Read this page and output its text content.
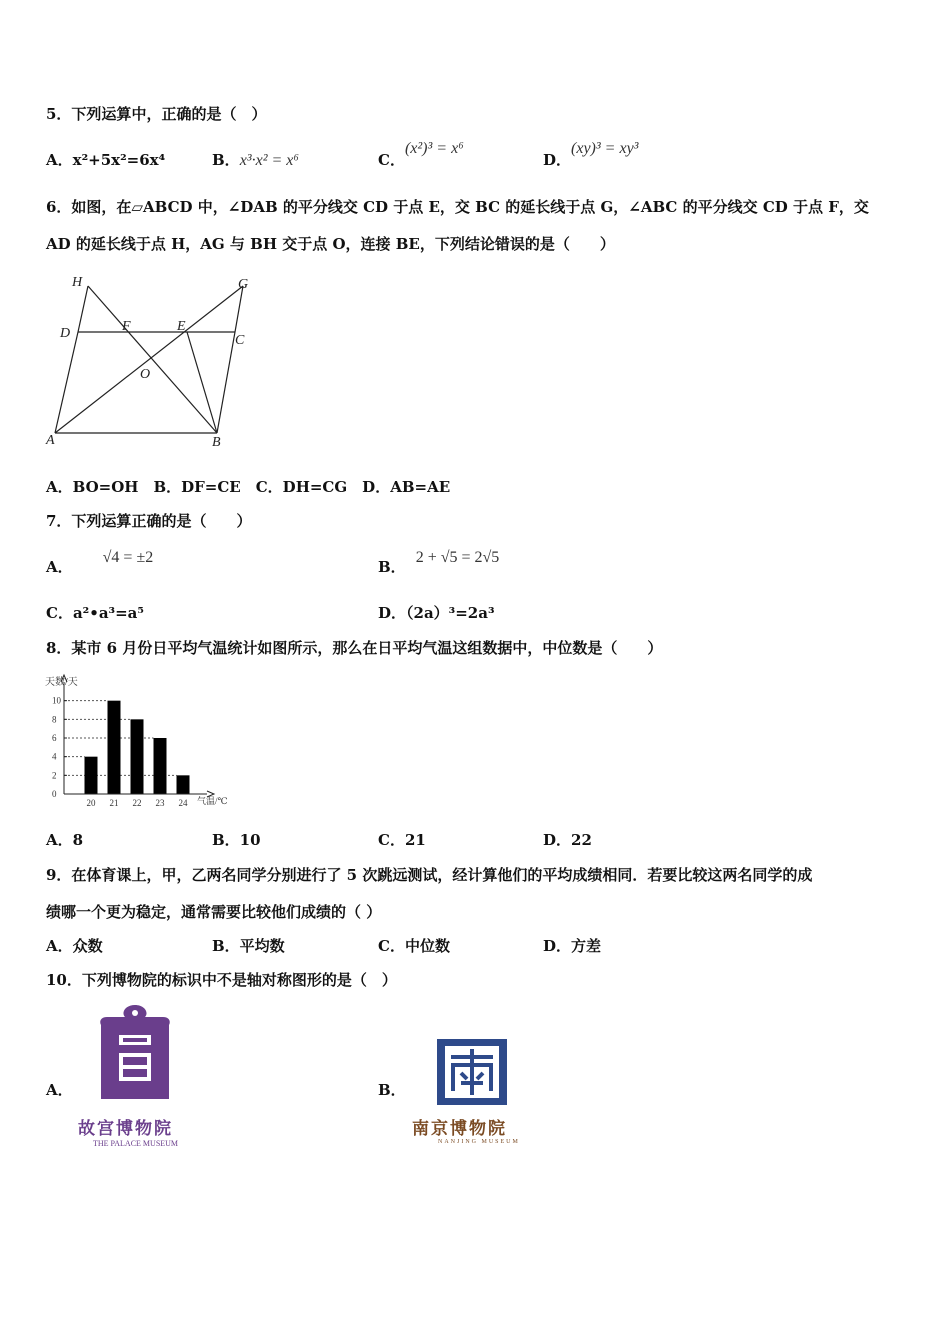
5．下列运算中，正确的是（　）
A．x²+5x²=6x⁴	B．x³·x² = x⁶	C．(x²)³ = x⁶
D．(xy)³ = xy³
6．如图，在▱ABCD 中，∠DAB 的平分线交 CD 于点 E，交 BC 的延长线于点 G，∠ABC 的平分线交 CD 于点 F，交
AD 的延长线于点 H，AG 与 BH 交于点 O，连接 BE，下列结论错误的是（　　）
H	G
D	F	E
C
O
A	B
A．BO=OH　B．DF=CE　C．DH=CG　D．AB=AE
7．下列运算正确的是（　　）
A．√4 = ±2
B．2 + √5 = 2√5
C．a²•a³=a⁵	D．（2a）³=2a³
8．某市 6 月份日平均气温统计如图所示，那么在日平均气温这组数据中，中位数是（　　）
0
2
4
6
8
10
20 21 22 23 24
天数/天
气温/℃
A．8	B．10	C．21	D．22
9．在体育课上，甲，乙两名同学分别进行了 5 次跳远测试，经计算他们的平均成绩相同．若要比较这两名同学的成
绩哪一个更为稳定，通常需要比较他们成绩的（ ）
A．众数	B．平均数	C．中位数	D．方差
10．下列博物院的标识中不是轴对称图形的是（　）
A．
故宫博物院
THE PALACE MUSEUM
B．
南京博物院
NANJING MUSEUM
